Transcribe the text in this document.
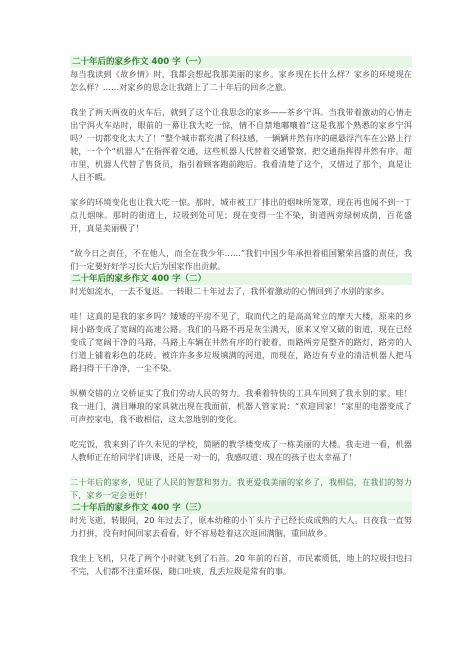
二十年后的家乡作文 400 字（一）

每当我读到《故乡情》时，我都会想起我那美丽的家乡。家乡现在长什么样？家乡的环境现在怎么样？……对家乡的思念让我踏上了二十年后的回乡之旅。

我坐了两天两夜的火车后，就到了这个让我思念的家乡——茶乡宁洱。当我带着激动的心情走出宁洱火车站时，眼前的一幕让我大吃一惊，情不自禁地嘟嚷着“这是我那个熟悉的家乡宁洱吗？一切都变化太大了！”整个城市都充满了科技感，一辆辆井然有序的磁悬浮汽车在公路上行驶，一个个“机器人”在指挥着交通，这些机器人代替着交通警察，把交通指挥得井然有序。超市里，机器人代替了售货员，指引着顾客跑前跑后。我看清楚了这个，又惜过了那个，真是让人目不暇。

家乡的环境变化也让我大吃一惊。那时，城市被工厂排出的烟味所笼罩，现在再也闻不到一丁点儿烟味。那时的街道上，垃圾到处可见；现在变得一尘不染，街道两旁绿树成荫，百花盛开，真是美丽极了！

“故今日之责任，不在他人，而全在我少年……”我们中国少年承担着祖国繁荣昌盛的责任，我们一定要好好学习长大后为国家作出贡献。

二十年后的家乡作文 400 字（二）

时光如流水，一去不复返。一转眼二十年过去了，我怀着激动的心情回到了水别的家乡。

哇！这真的是我的家乡吗？矮矮的平房不见了，取而代之的是高高耸立的摩天大楼，原来的乡间小路变成了宽阔的高速公路。我们的马路不再是灰尘满天，原来又窄又破的街道，现在已经变成了宽阔干净的马路，马路上车辆在井然有序的行驶着，而路两旁是整齐的路灯，路旁的人行道上铺着彩色的花砖。被许许多多垃圾填满的河道，而现在，路边有专业的清洁机器人把马路扫得干干净净，一尘不染。

纵横交错的立交桥证实了我们劳动人民的努力。我乘着特快的工具车回到了我永别的家。哇！我一进门，满目琳琅的家具就出现在我面前，机器人管家说：“欢迎回家！”家里的电器变成了可声控家电，我不敢相信，这太忽地别的变化。

吃完饭，我来到了许久未见的学校，简陋的教学楼变成了一栋美丽的大楼。我走进一看，机器人教师正在给同学们讲课，还是一对一的，我感叹道：现在的孩子也太幸福了！

二十年后的家乡，见证了人民的智慧和努力。我更爱我美丽的家乡了，我相信，在我们的努力下，家乡一定会更好！

二十年后的家乡作文 400 字（三）

时光飞逝，转眼间，20 年过去了，原本幼稚的小丫头片子已经长成成熟的大人。日夜我一直努力打拼，没有时间回家去看看，好不容易趁着这次返回满脑，重回故乡。

我坐上飞机，只花了两个小时就飞到了石首。20 年前的石首，市民素质低，地上的垃圾扫也扫不完，人们都不注重环保，随口吐痰，乱丢垃圾是常有的事。
